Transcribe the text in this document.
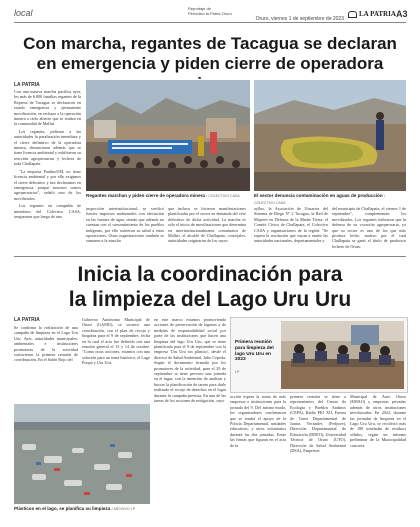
local	Reportaje de
Periódico la Patria Oruro
Oruro, viernes 1 de septiembre de 2023
LA PATRIA A3
Con marcha, regantes de Tacagua se declaran en emergencia y piden cierre de operadora
LA PATRIA

Con una masiva marcha pacífica ayer, los más de 6.000 familias regantes de la Represa de Tacagua se declararon en estado emergencia y permanente movilización, en rechazo a la operación minera a cielo abierto que se realiza en la comunidad de Malliri.

Los regantes, pidieron a las autoridades la paralización inmediata y el cierre definitivo de la operadora minera, denunciaron además que se tiene licencia ambiental y exhibieron su reacción agropecuarias y lechera de toda Challapata.

"La empresa PaulinoUM, no tiene licencia ambiental y por ello exigimos el cierre definitivo y nos declaramos en emergencia, porque nosotros somos agropecuarios", señaló uno de los movilizados.

Los regantes en compañía de miembros del Colectivo CASA, aseguraron que luego de una

Regantes marchan y piden cierre de operadora minera / COLECTIVO CASA	El sector denuncia contaminación en aguas de producción / COLECTIVO CASA
inspección interinstitucional, se verificó fuertes impactos ambientales con afectación en las fuentes de agua, siendo que además no cuentan con el consentimiento de los pueblos indígenas, por ello sufrieron su salud a estas operaciones. Otras organizaciones también se sumaron a la marcha
que incluso se hicieron manifestaciones planificadas por el sector en demanda del cese definitivo de dicha actividad. La marcha es sólo el inicio de movilizaciones que determina en interinstitucionalmente comunarios de Malliri, el alcalde de Challapata, concejales, autoridades originarias de los suyos
ayllus, la Asociación de Usuarios del Sistema de Riego Nº 2 Tacagua, la Red de Mujeres en Defensa de la Madre Tierra, el Comité Cívico de Challapata, el Colectivo CASA y organizaciones de la región. "Se espera la resolución que vayan a emitir las autoridades nacionales, departamentales y
del municipio de Challapata, el viernes 1 de septiembre", complementan los movilizados. Los regantes indicaron que la defensa de su vocación agropecuaria, ya que su sector es uno de los que más produce leche, motivo por el cual Challapata se ganó el título de productor lechero de Oruro.
Inicia la coordinación para
la limpieza del Lago Uru Uru
LA PATRIA
Se confirma la realización de una campaña de limpieza en el Lago Uru Uru. Ayer, autoridades municipales, ambientales e instituciones promotoras de la actividad sostuvieron la primera reunión de coordinación. En el Salón Rojo del
Gobierno Autónomo Municipal de Oruro (GAMO), se sostuvo una coordinación, con el plan de recojo y limpieza para el 9 de septiembre, fecha en la cual el acto fue definido con una reunión general el 13 y 14 de octubre. "Como otras acciones, estamos con una solución para un tema histórico, el Lago Poopó y Uru Uru,
Plásticos en el lago, se planifica su limpieza / ARCHIVO LP
en este marco estamos promoviendo acciones de preservación de lagunas y de medidas de responsabilidad social por parte de las instituciones que hacen una limpieza del lago Uru Uru, que se tiene planificada para el 9 de septiembre con la empresa 'Uru Uru sin plástico', desde el director de Salud Ambiental, Julio Cepeda. Según el documento firmado por los promotores de la actividad, para el 29 de septiembre se tiene previsto una jornada en el lugar, con la intención de analizar y buscar la planificación de tareas para darle realizado el recojo de desechos en el lugar durante la campaña prevista. En una de las tareas de los acciones de mitigación, cuyo
Primera reunión para limpieza del lago Uru Uru en 2023
LP
acción espera la suma de más empresas e instituciones para la jornada del 9. Del mismo modo, los organizadores confirmaron que se tendrá el apoyo de la Policía Departamental, unidades educativas, y otros voluntarios durante las dos jornadas. Entre las firmas que figuran en el acta de la
primera reunión se tiene a representantes del Centro de Ecología y Pueblos Andinos (CEPA), Radio PIO XII, Fuerza de Tarea Departamental de Juntas Vecinales (Fedjuve), Dirección Departamental de Educación (DDEO), Universidad Técnica de Oruro (UTO), Dirección de Salud Ambiental (DSA), Empresas
Municipal de Aseo Oruro (EMAO) y empresas privadas además de otros instituciones involucradas. En 2022, durante las jornadas de limpieza en el Lago Uru Uru, se recolectó más de 180 toneladas de residuos sólidos, según un informe preliminar de la Municipalidad concreta.
